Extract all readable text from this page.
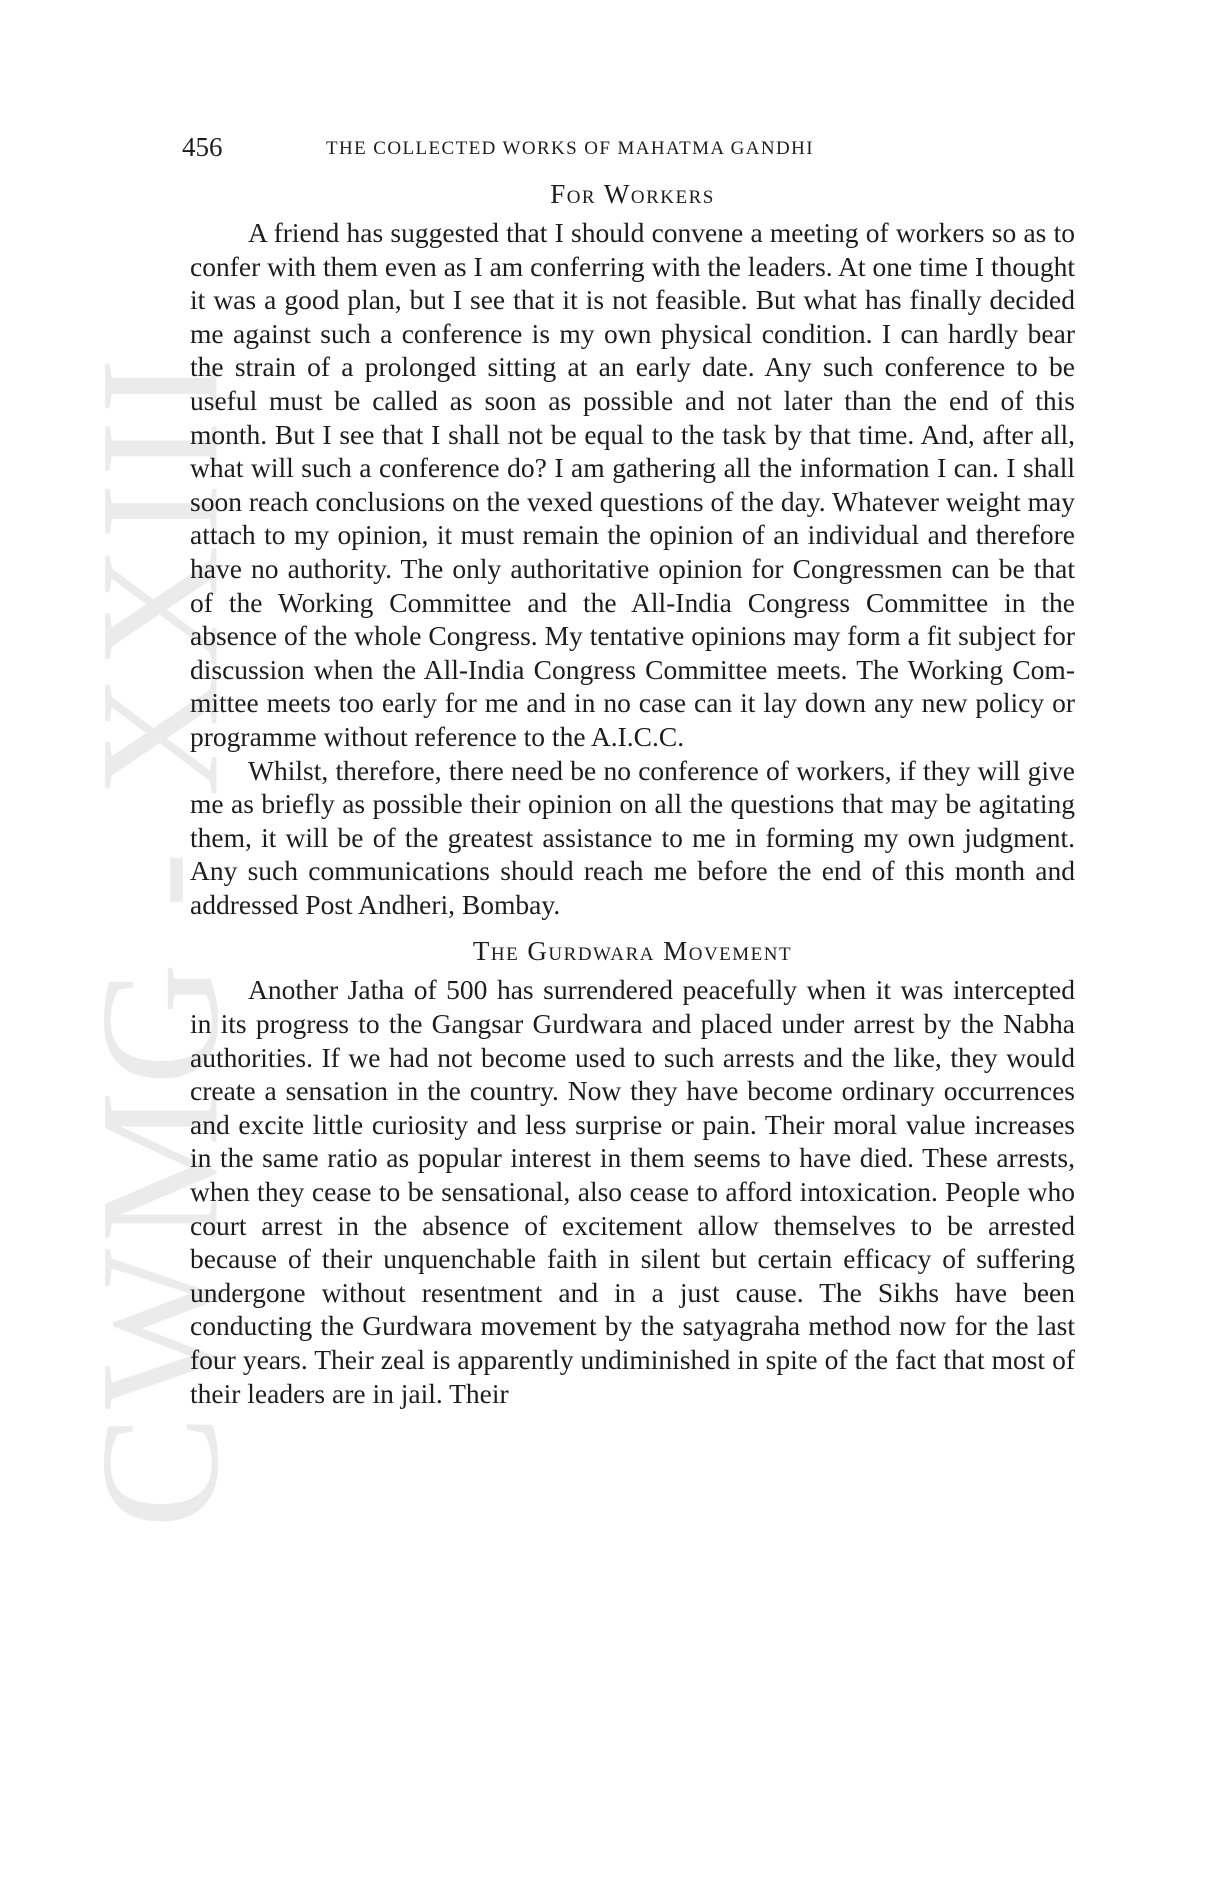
CWMG - XXIII
456	THE COLLECTED WORKS OF MAHATMA GANDHI
For Workers

A friend has suggested that I should convene a meeting of workers so as to confer with them even as I am conferring with the leaders. At one time I thought it was a good plan, but I see that it is not feasible. But what has finally decided me against such a conference is my own physical condition. I can hardly bear the strain of a prolonged sitting at an early date. Any such conference to be useful must be called as soon as possible and not later than the end of this month. But I see that I shall not be equal to the task by that time. And, after all, what will such a conference do? I am gathering all the information I can. I shall soon reach conclusions on the vexed questions of the day. Whatever weight may attach to my opinion, it must remain the opinion of an individual and therefore have no authority. The only authoritative opinion for Congressmen can be that of the Working Committee and the All-India Congress Committee in the absence of the whole Congress. My tentative opinions may form a fit subject for discussion when the All-India Congress Committee meets. The Working Committee meets too early for me and in no case can it lay down any new policy or programme without reference to the A.I.C.C.

Whilst, therefore, there need be no conference of workers, if they will give me as briefly as possible their opinion on all the questions that may be agitating them, it will be of the greatest assistance to me in forming my own judgment. Any such communications should reach me before the end of this month and addressed Post Andheri, Bombay.

The Gurdwara Movement

Another Jatha of 500 has surrendered peacefully when it was intercepted in its progress to the Gangsar Gurdwara and placed under arrest by the Nabha authorities. If we had not become used to such arrests and the like, they would create a sensation in the country. Now they have become ordinary occurrences and excite little curiosity and less surprise or pain. Their moral value increases in the same ratio as popular interest in them seems to have died. These arrests, when they cease to be sensational, also cease to afford intoxication. People who court arrest in the absence of excitement allow themselves to be arrested because of their unquenchable faith in silent but certain efficacy of suffering undergone without resentment and in a just cause. The Sikhs have been conducting the Gurdwara movement by the satyagraha method now for the last four years. Their zeal is apparently undiminished in spite of the fact that most of their leaders are in jail. Their
